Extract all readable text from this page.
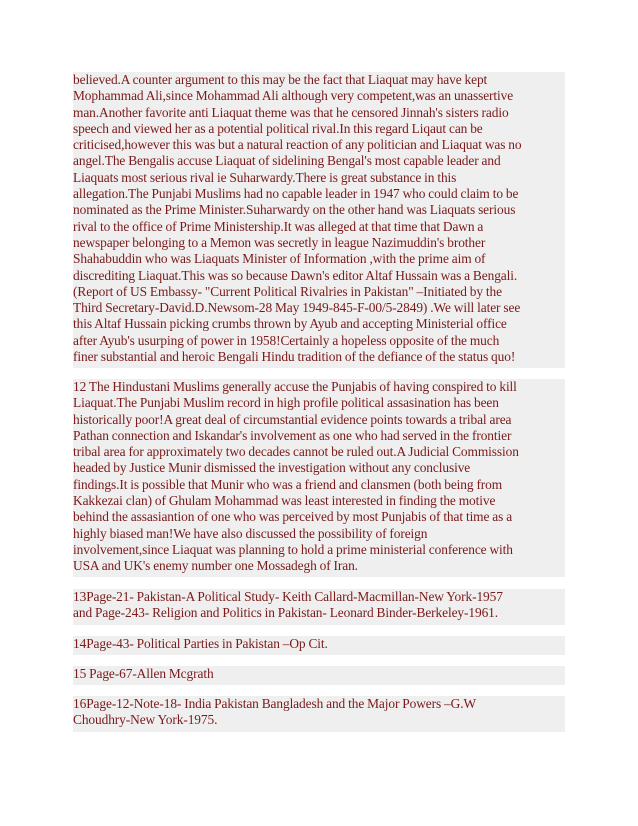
believed.A counter argument to this may be the fact that Liaquat may have kept
Mophammad Ali,since Mohammad Ali although very competent,was an unassertive
man.Another favorite anti Liaquat theme was that he censored Jinnah's sisters radio
speech and viewed her as a potential political rival.In this regard Liqaut can be
criticised,however this was but a natural reaction of any politician and Liaquat was no
angel.The Bengalis accuse Liaquat of sidelining Bengal's most capable leader and
Liaquats most serious rival ie Suharwardy.There is great substance in this
allegation.The Punjabi Muslims had no capable leader in 1947 who could claim to be
nominated as the Prime Minister.Suharwardy on the other hand was Liaquats serious
rival to the office of Prime Ministership.It was alleged at that time that Dawn a
newspaper belonging to a Memon was secretly in league Nazimuddin's brother
Shahabuddin who was Liaquats Minister of Information ,with the prime aim of
discrediting Liaquat.This was so because Dawn's editor Altaf Hussain was a Bengali.
(Report of US Embassy- "Current Political Rivalries in Pakistan" –Initiated by the
Third Secretary-David.D.Newsom-28 May 1949-845-F-00/5-2849) .We will later see
this Altaf Hussain picking crumbs thrown by Ayub and accepting Ministerial office
after Ayub's usurping of power in 1958!Certainly a hopeless opposite of the much
finer substantial and heroic Bengali Hindu tradition of the defiance of the status quo!
12 The Hindustani Muslims generally accuse the Punjabis of having conspired to kill
Liaquat.The Punjabi Muslim record in high profile political assasination has been
historically poor!A great deal of circumstantial evidence points towards a tribal area
Pathan connection and Iskandar's involvement as one who had served in the frontier
tribal area for approximately two decades cannot be ruled out.A Judicial Commission
headed by Justice Munir dismissed the investigation without any conclusive
findings.It is possible that Munir who was a friend and clansmen (both being from
Kakkezai clan) of Ghulam Mohammad was least interested in finding the motive
behind the assasiantion of one who was perceived by most Punjabis of that time as a
highly biased man!We have also discussed the possibility of foreign
involvement,since Liaquat was planning to hold a prime ministerial conference with
USA and UK's enemy number one Mossadegh of Iran.
13Page-21- Pakistan-A Political Study- Keith Callard-Macmillan-New York-1957
and Page-243- Religion and Politics in Pakistan- Leonard Binder-Berkeley-1961.
14Page-43- Political Parties in Pakistan –Op Cit.
15 Page-67-Allen Mcgrath
16Page-12-Note-18- India Pakistan Bangladesh and the Major Powers –G.W
Choudhry-New York-1975.
